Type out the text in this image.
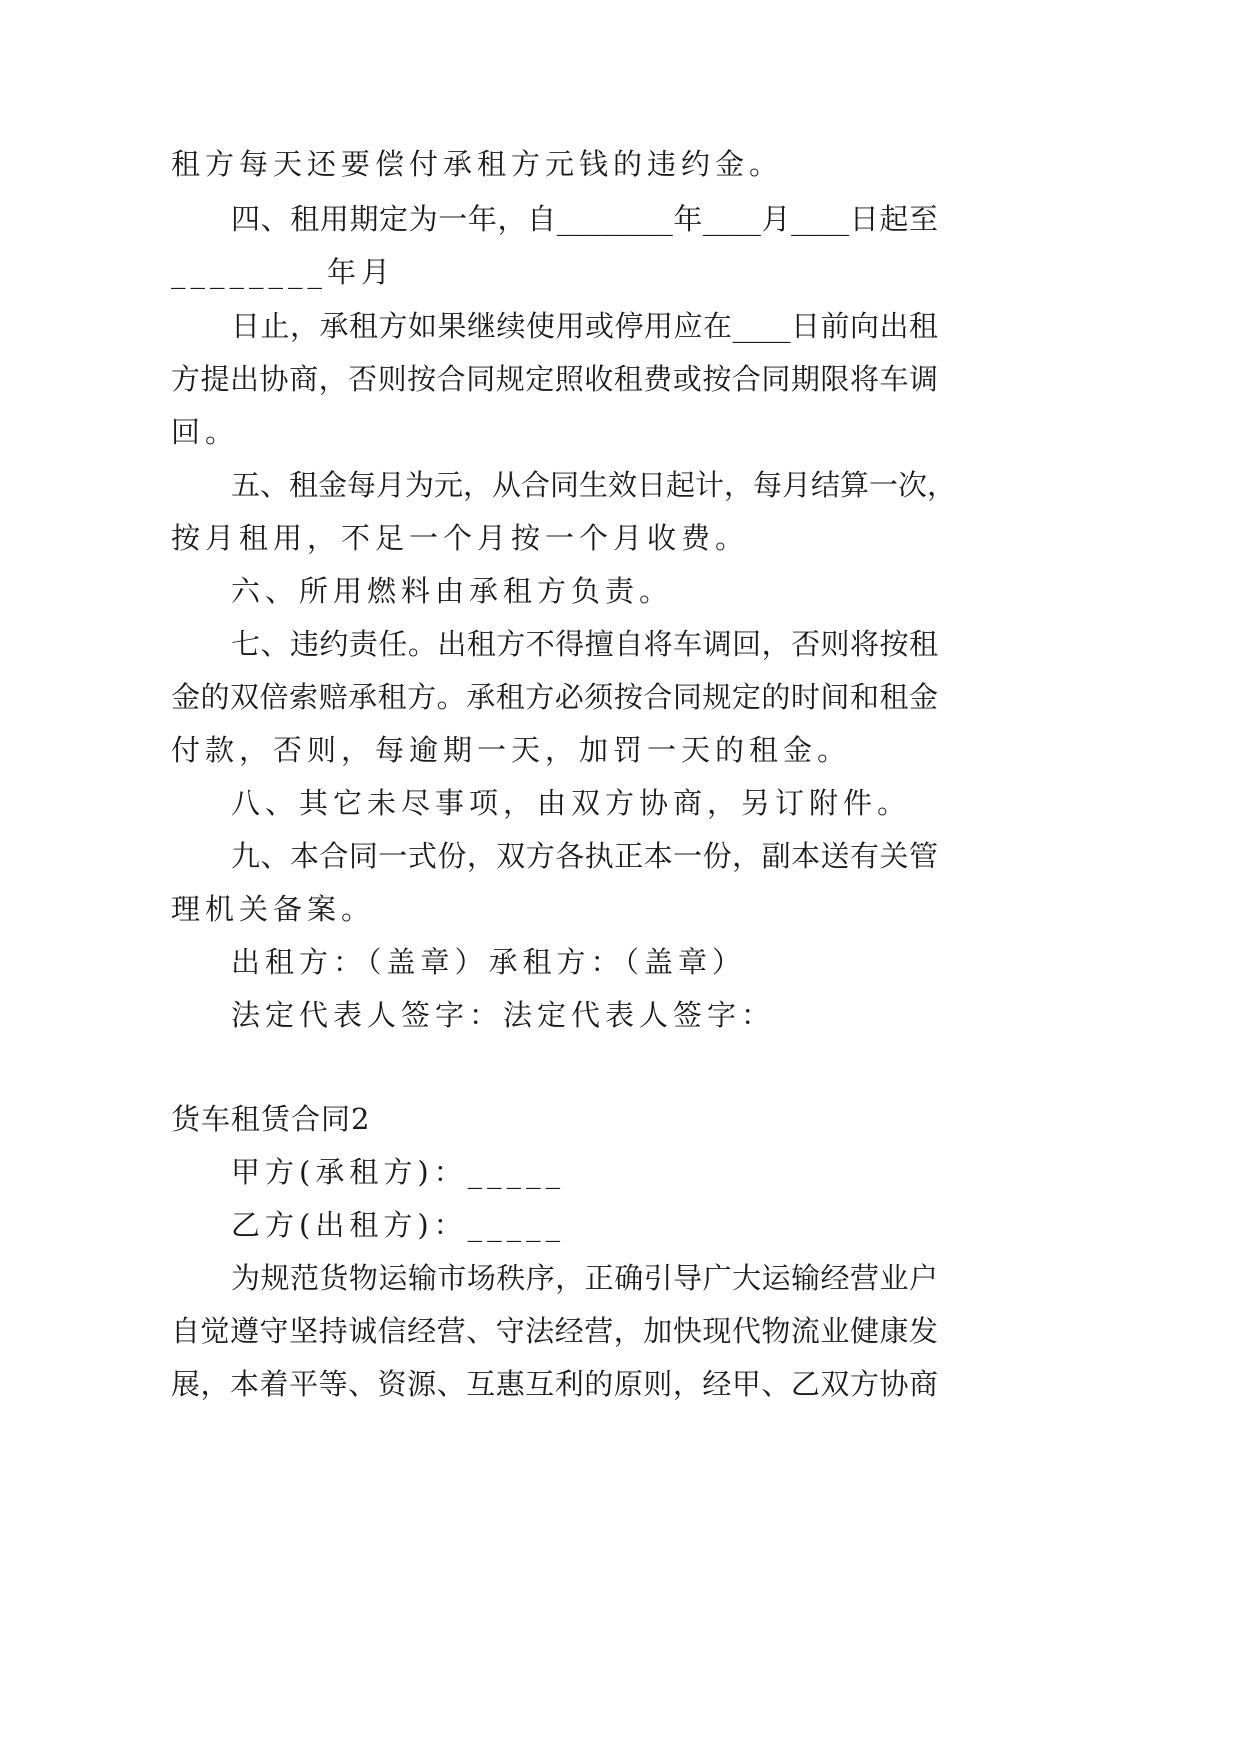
租方每天还要偿付承租方元钱的违约金。
四、租用期定为一年，自________年____月____日起至
________年月
日止，承租方如果继续使用或停用应在____日前向出租
方提出协商，否则按合同规定照收租费或按合同期限将车调
回。
五、租金每月为元，从合同生效日起计，每月结算一次，
按月租用，不足一个月按一个月收费。
六、所用燃料由承租方负责。
七、违约责任。出租方不得擅自将车调回，否则将按租
金的双倍索赔承租方。承租方必须按合同规定的时间和租金
付款，否则，每逾期一天，加罚一天的租金。
八、其它未尽事项，由双方协商，另订附件。
九、本合同一式份，双方各执正本一份，副本送有关管
理机关备案。
出租方：（盖章）承租方：（盖章）
法定代表人签字：法定代表人签字：
货车租赁合同2
甲方(承租方)：_____
乙方(出租方)：_____
为规范货物运输市场秩序，正确引导广大运输经营业户
自觉遵守坚持诚信经营、守法经营，加快现代物流业健康发
展，本着平等、资源、互惠互利的原则，经甲、乙双方协商
